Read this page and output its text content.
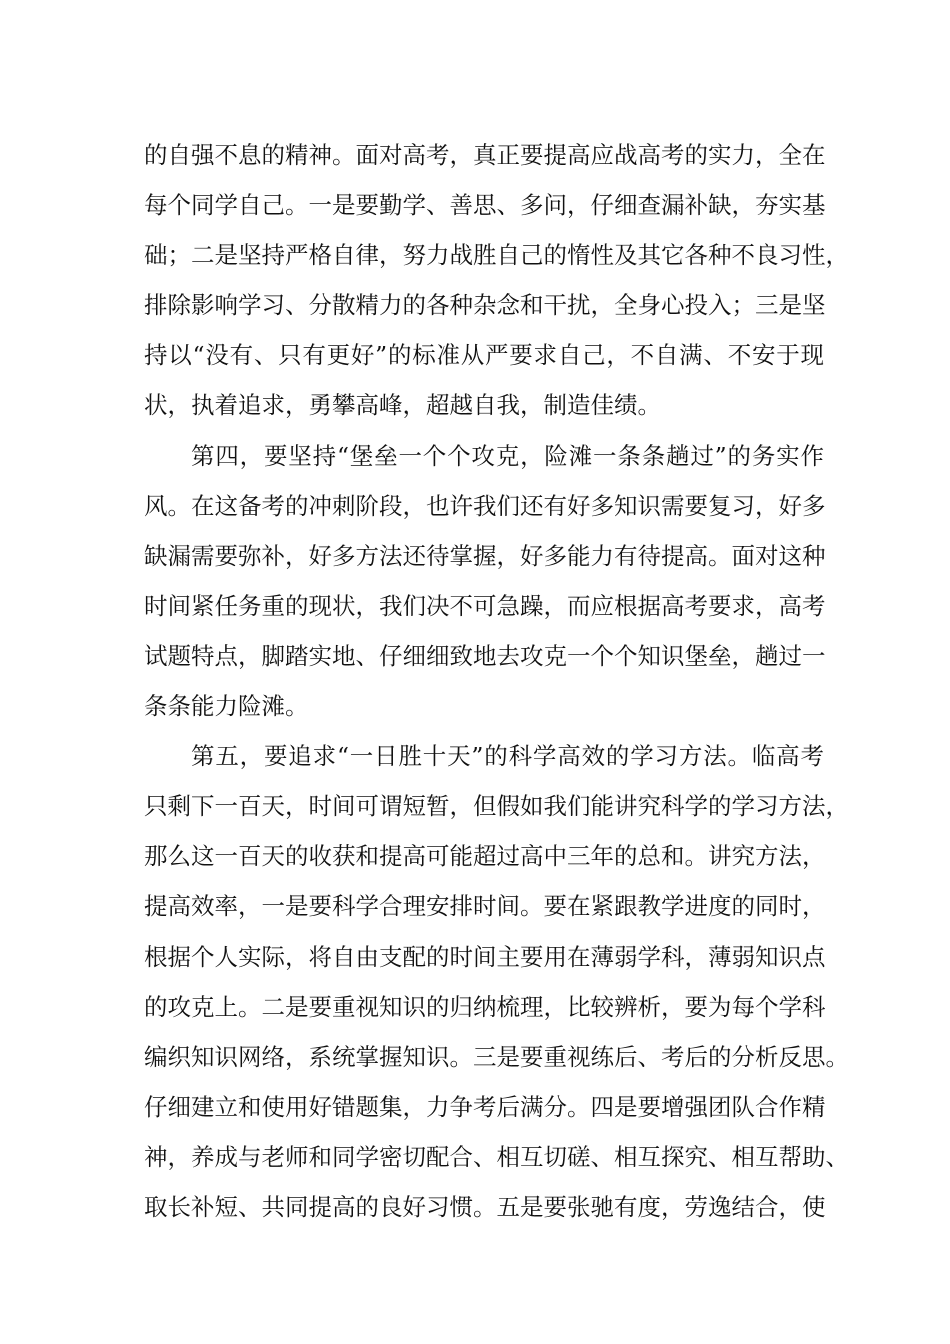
的自强不息的精神。面对高考，真正要提高应战高考的实力，全在
每个同学自己。一是要勤学、善思、多问，仔细查漏补缺，夯实基
础；二是坚持严格自律，努力战胜自己的惰性及其它各种不良习性，
排除影响学习、分散精力的各种杂念和干扰，全身心投入；三是坚
持以“没有、只有更好”的标准从严要求自己，不自满、不安于现
状，执着追求，勇攀高峰，超越自我，制造佳绩。
第四，要坚持“堡垒一个个攻克，险滩一条条趟过”的务实作
风。在这备考的冲刺阶段，也许我们还有好多知识需要复习，好多
缺漏需要弥补，好多方法还待掌握，好多能力有待提高。面对这种
时间紧任务重的现状，我们决不可急躁，而应根据高考要求，高考
试题特点，脚踏实地、仔细细致地去攻克一个个知识堡垒，趟过一
条条能力险滩。
第五，要追求“一日胜十天”的科学高效的学习方法。临高考
只剩下一百天，时间可谓短暂，但假如我们能讲究科学的学习方法，
那么这一百天的收获和提高可能超过高中三年的总和。讲究方法，
提高效率，一是要科学合理安排时间。要在紧跟教学进度的同时，
根据个人实际，将自由支配的时间主要用在薄弱学科，薄弱知识点
的攻克上。二是要重视知识的归纳梳理，比较辨析，要为每个学科
编织知识网络，系统掌握知识。三是要重视练后、考后的分析反思。
仔细建立和使用好错题集，力争考后满分。四是要增强团队合作精
神，养成与老师和同学密切配合、相互切磋、相互探究、相互帮助、
取长补短、共同提高的良好习惯。五是要张驰有度，劳逸结合，使
